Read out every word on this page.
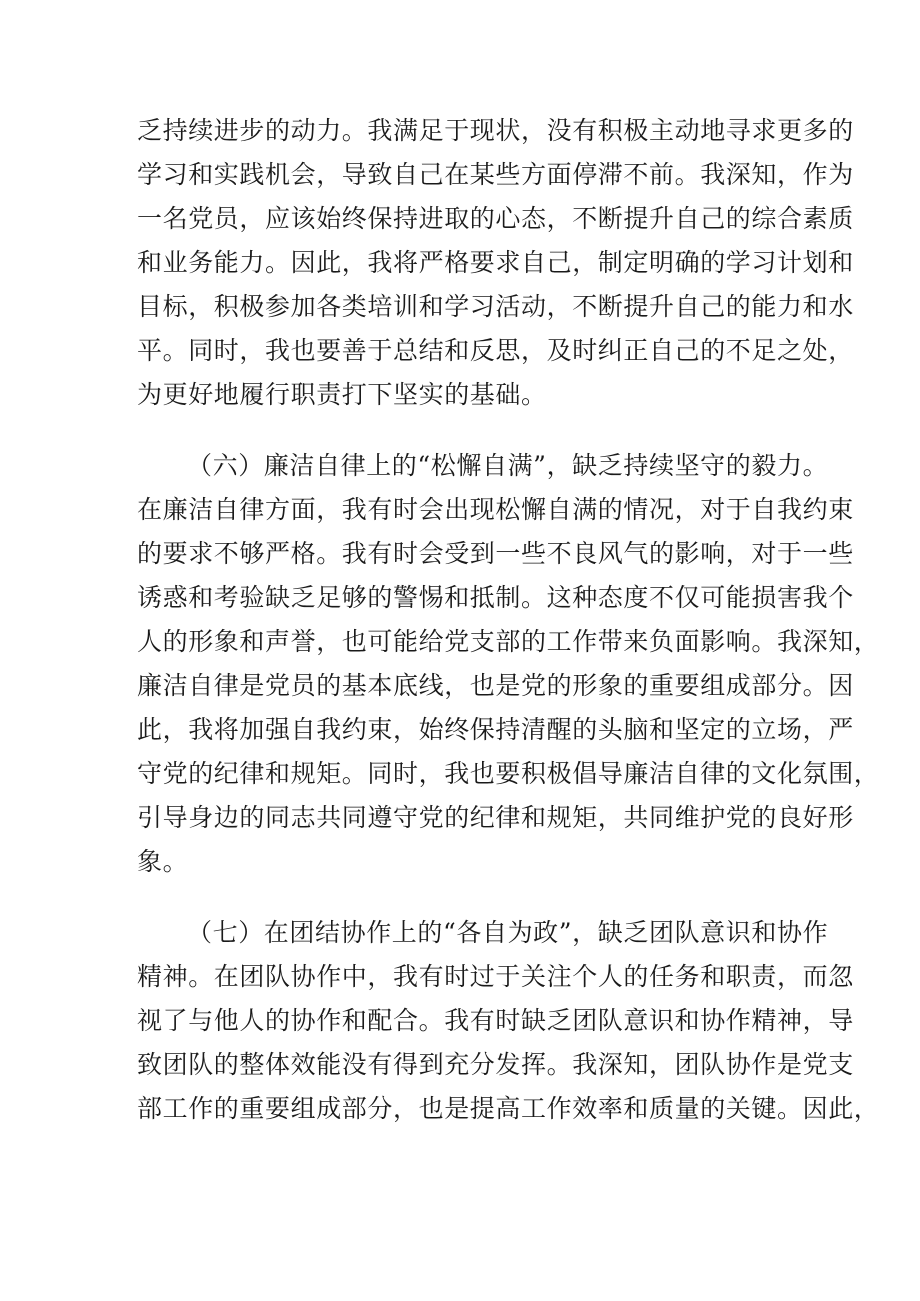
乏持续进步的动力。我满足于现状，没有积极主动地寻求更多的
学习和实践机会，导致自己在某些方面停滞不前。我深知，作为
一名党员，应该始终保持进取的心态，不断提升自己的综合素质
和业务能力。因此，我将严格要求自己，制定明确的学习计划和
目标，积极参加各类培训和学习活动，不断提升自己的能力和水
平。同时，我也要善于总结和反思，及时纠正自己的不足之处，
为更好地履行职责打下坚实的基础。
（六）廉洁自律上的“松懈自满”，缺乏持续坚守的毅力。
在廉洁自律方面，我有时会出现松懈自满的情况，对于自我约束
的要求不够严格。我有时会受到一些不良风气的影响，对于一些
诱惑和考验缺乏足够的警惕和抵制。这种态度不仅可能损害我个
人的形象和声誉，也可能给党支部的工作带来负面影响。我深知，
廉洁自律是党员的基本底线，也是党的形象的重要组成部分。因
此，我将加强自我约束，始终保持清醒的头脑和坚定的立场，严
守党的纪律和规矩。同时，我也要积极倡导廉洁自律的文化氛围，
引导身边的同志共同遵守党的纪律和规矩，共同维护党的良好形
象。
（七）在团结协作上的“各自为政”，缺乏团队意识和协作
精神。在团队协作中，我有时过于关注个人的任务和职责，而忽
视了与他人的协作和配合。我有时缺乏团队意识和协作精神，导
致团队的整体效能没有得到充分发挥。我深知，团队协作是党支
部工作的重要组成部分，也是提高工作效率和质量的关键。因此，
